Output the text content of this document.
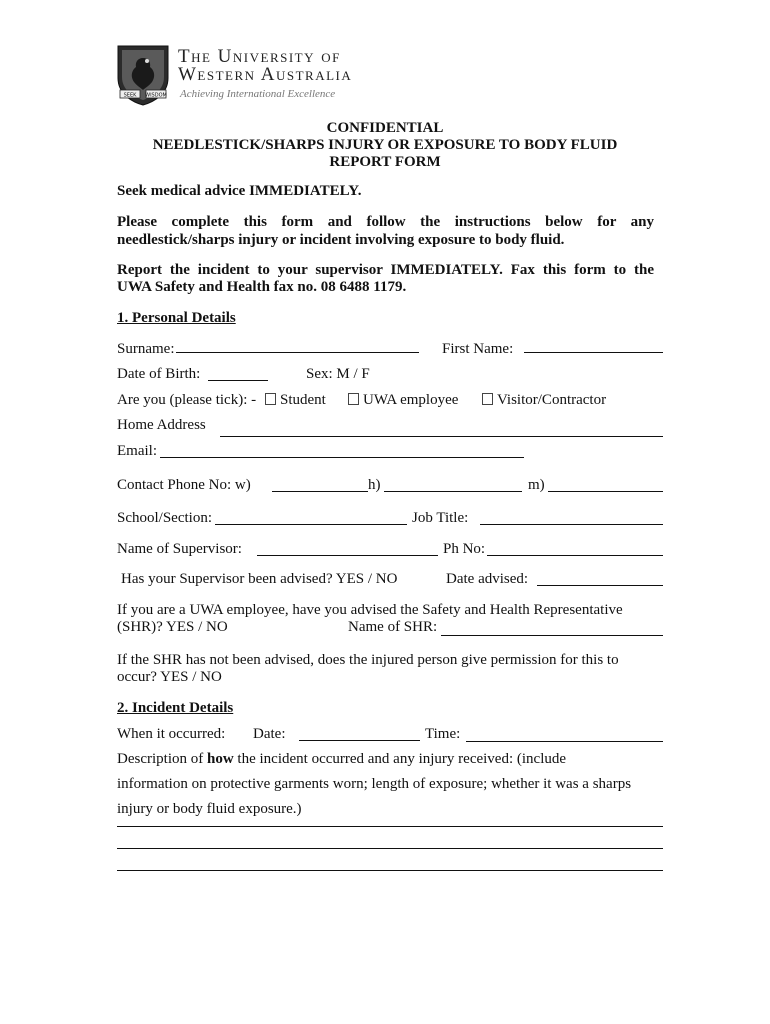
SEEK WISDOM
The University of
Western Australia
Achieving International Excellence
CONFIDENTIAL
NEEDLESTICK/SHARPS INJURY OR EXPOSURE TO BODY FLUID
REPORT FORM
Seek medical advice IMMEDIATELY.
Please complete this form and follow the instructions below for any
needlestick/sharps injury or incident involving exposure to body fluid.
Report the incident to your supervisor IMMEDIATELY. Fax this form to the
UWA Safety and Health fax no. 08 6488 1179.
1. Personal Details
Surname:	First Name:
Date of Birth:	Sex: M / F
Are you (please tick): -	Student	UWA employee	Visitor/Contractor
Home Address
Email:
Contact Phone No: w)	h)	m)
School/Section:	Job Title:
Name of Supervisor:	Ph No:
Has your Supervisor been advised? YES / NO	Date advised:
If you are a UWA employee, have you advised the Safety and Health Representative
(SHR)? YES / NO	Name of SHR:
If the SHR has not been advised, does the injured person give permission for this to
occur? YES / NO
2. Incident Details
When it occurred: Date:	Time:
Description of how the incident occurred and any injury received: (include
information on protective garments worn; length of exposure; whether it was a sharps
injury or body fluid exposure.)
